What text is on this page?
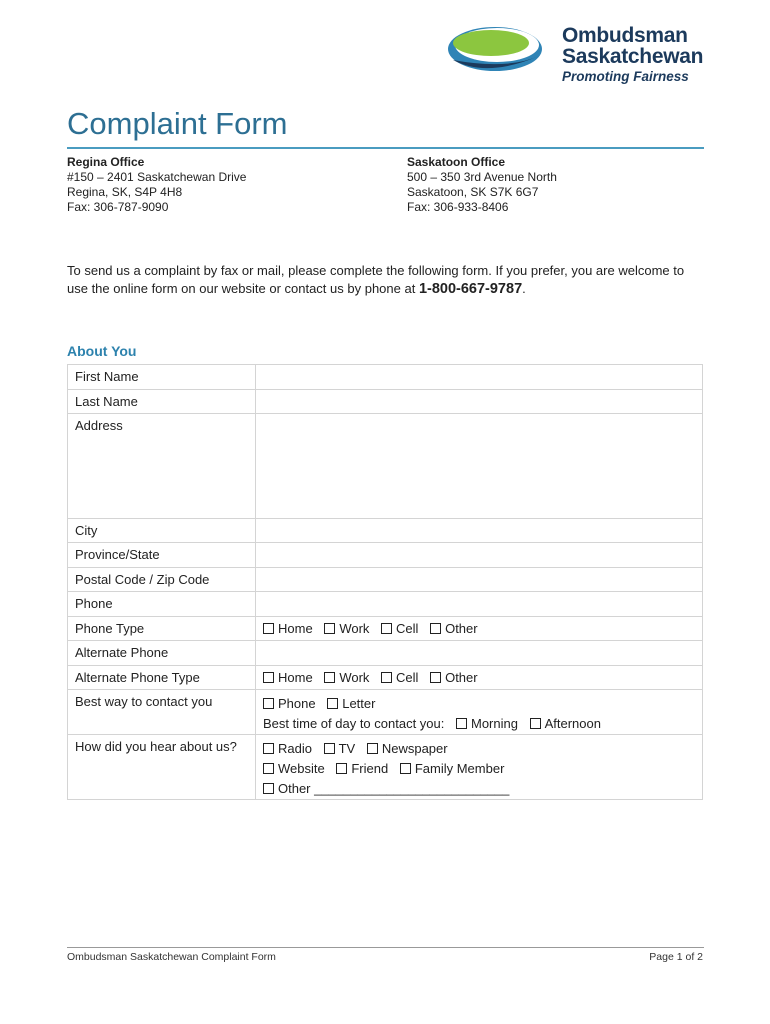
Ombudsman
Saskatchewan
Promoting Fairness
Complaint Form
Regina Office
#150 – 2401 Saskatchewan Drive
Regina, SK, S4P 4H8
Fax: 306-787-9090
Saskatoon Office
500 – 350 3rd Avenue North
Saskatoon, SK S7K 6G7
Fax: 306-933-8406
To send us a complaint by fax or mail, please complete the following form. If you prefer, you are welcome to use the online form on our website or contact us by phone at 1-800-667-9787.
About You
First Name	
Last Name	
Address	
City	
Province/State	
Postal Code / Zip Code	
Phone	
Phone Type	Home Work Cell Other
Alternate Phone	
Alternate Phone Type	Home Work Cell Other
Best way to contact you	Phone Letter
Best time of day to contact you: Morning Afternoon

How did you hear about us?	Radio TV Newspaper
Website Friend Family Member
Other ___________________________
Ombudsman Saskatchewan Complaint Form	Page 1 of 2
